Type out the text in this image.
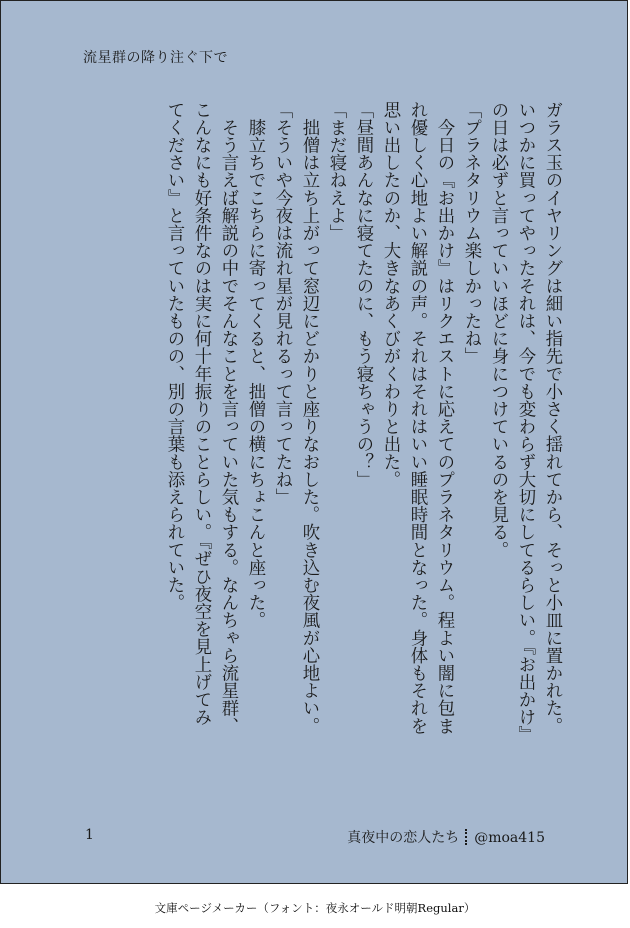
流星群の降り注ぐ下で
ガラス玉のイヤリングは細い指先で小さく揺れてから、そっと小皿に置かれた。
いつかに買ってやったそれは、今でも変わらず大切にしてるらしい。『お出かけ』
の日は必ずと言っていいほどに身につけているのを見る。
「プラネタリウム楽しかったね」
　今日の『お出かけ』はリクエストに応えてのプラネタリウム。程よい闇に包ま
れ優しく心地よい解説の声。それはそれはいい睡眠時間となった。身体もそれを
思い出したのか、大きなあくびがくわりと出た。
「昼間あんなに寝てたのに、もう寝ちゃうの？」
「まだ寝ねえよ」
　拙僧は立ち上がって窓辺にどかりと座りなおした。吹き込む夜風が心地よい。
「そういや今夜は流れ星が見れるって言ってたね」
　膝立ちでこちらに寄ってくると、拙僧の横にちょこんと座った。
　そう言えば解説の中でそんなことを言っていた気もする。なんちゃら流星群、
こんなにも好条件なのは実に何十年振りのことらしい。『ぜひ夜空を見上げてみ
てください』と言っていたものの、別の言葉も添えられていた。
1	真夜中の恋人たち @moa415
文庫ページメーカー（フォント：夜永オールド明朝Regular）
